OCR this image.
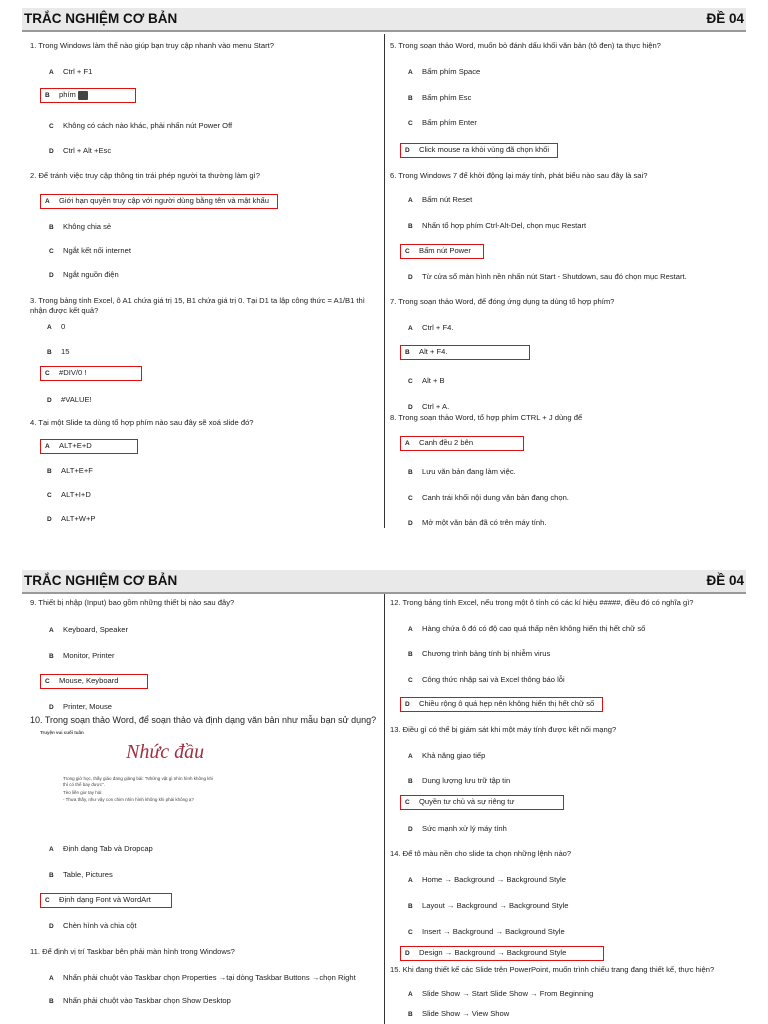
TRẮC NGHIỆM CƠ BẢN	ĐỀ 04
1. Trong Windows làm thế nào giúp bạn truy cập nhanh vào menu Start?
A Ctrl + F1
B phím
C Không có cách nào khác, phải nhấn nút Power Off
D Ctrl + Alt +Esc
2. Để tránh việc truy cập thông tin trái phép người ta thường làm gì?
A Giới hạn quyền truy cập với người dùng bằng tên và mật khẩu
B Không chia sẻ
C Ngắt kết nối internet
D Ngắt nguồn điện
3. Trong bảng tính Excel, ô A1 chứa giá trị 15, B1 chứa giá trị 0. Tại D1 ta lập công thức = A1/B1 thì nhận được kết quả?
A 0
B 15
C #DIV/0 !
D #VALUE!
4. Tại một Slide ta dùng tổ hợp phím nào sau đây sẽ xoá slide đó?
A ALT+E+D
B ALT+E+F
C ALT+I+D
D ALT+W+P
5. Trong soạn thảo Word, muốn bỏ đánh dấu khối văn bản (tô đen) ta thực hiện?
A Bấm phím Space
B Bấm phím Esc
C Bấm phím Enter
D Click mouse ra khỏi vùng đã chọn khối
6. Trong Windows 7 để khởi động lại máy tính, phát biểu nào sau đây là sai?
A Bấm nút Reset
B Nhấn tổ hợp phím Ctrl-Alt-Del, chọn mục Restart
C Bấm nút Power
D Từ cửa sổ màn hình nền nhấn nút Start - Shutdown, sau đó chọn mục Restart.
7. Trong soạn thảo Word, để đóng ứng dụng ta dùng tổ hợp phím?
A Ctrl + F4.
B Alt + F4.
C Alt + B
D Ctrl + A.
8. Trong soạn thảo Word, tổ hợp phím CTRL + J dùng để
A Canh đều 2 bên
B Lưu văn bản đang làm việc.
C Canh trái khối nội dung văn bản đang chọn.
D Mở một văn bản đã có trên máy tính.
TRẮC NGHIỆM CƠ BẢN	ĐỀ 04
9. Thiết bị nhập (Input) bao gồm những thiết bị nào sau đây?
A Keyboard, Speaker
B Monitor, Printer
C Mouse, Keyboard
D Printer, Mouse
10. Trong soạn thảo Word, để soạn thảo và định dạng văn bản như mẫu bạn sử dụng?
Truyện vui cuối tuần
Nhức đầu
Trong giờ học, thầy giáo đang giảng bài: "Những vật gì nhìn hình không khi thì có thể bay được".
Tèo liền giơ tay hỏi:
- Thưa thầy, như vậy con chim nhìn hình không khi phải không ạ?
A Định dạng Tab và Dropcap
B Table, Pictures
C Định dạng Font và WordArt
D Chèn hình và chia cột
11. Để định vị trí Taskbar bên phải màn hình trong Windows?
A Nhấn phải chuột vào Taskbar chọn Properties →tại dòng Taskbar Buttons →chọn Right
B Nhấn phải chuột vào Taskbar chọn Show Desktop
12. Trong bảng tính Excel, nếu trong một ô tính có các kí hiệu #####, điều đó có nghĩa gì?
A Hàng chứa ô đó có độ cao quá thấp nên không hiển thị hết chữ số
B Chương trình bảng tính bị nhiễm virus
C Công thức nhập sai và Excel thông báo lỗi
D Chiều rộng ô quá hẹp nên không hiển thị hết chữ số
13. Điều gì có thể bị giám sát khi một máy tính được kết nối mạng?
A Khả năng giao tiếp
B Dung lượng lưu trữ tập tin
C Quyền tư chủ và sự riêng tư
D Sức mạnh xử lý máy tính
14. Để tô màu nền cho slide ta chọn những lệnh nào?
A Home → Background → Background Style
B Layout → Background → Background Style
C Insert → Background → Background Style
D Design → Background → Background Style
15. Khi đang thiết kế các Slide trên PowerPoint, muốn trình chiếu trang đang thiết kế, thực hiện?
A Slide Show → Start Slide Show → From Beginning
B Slide Show → View Show
